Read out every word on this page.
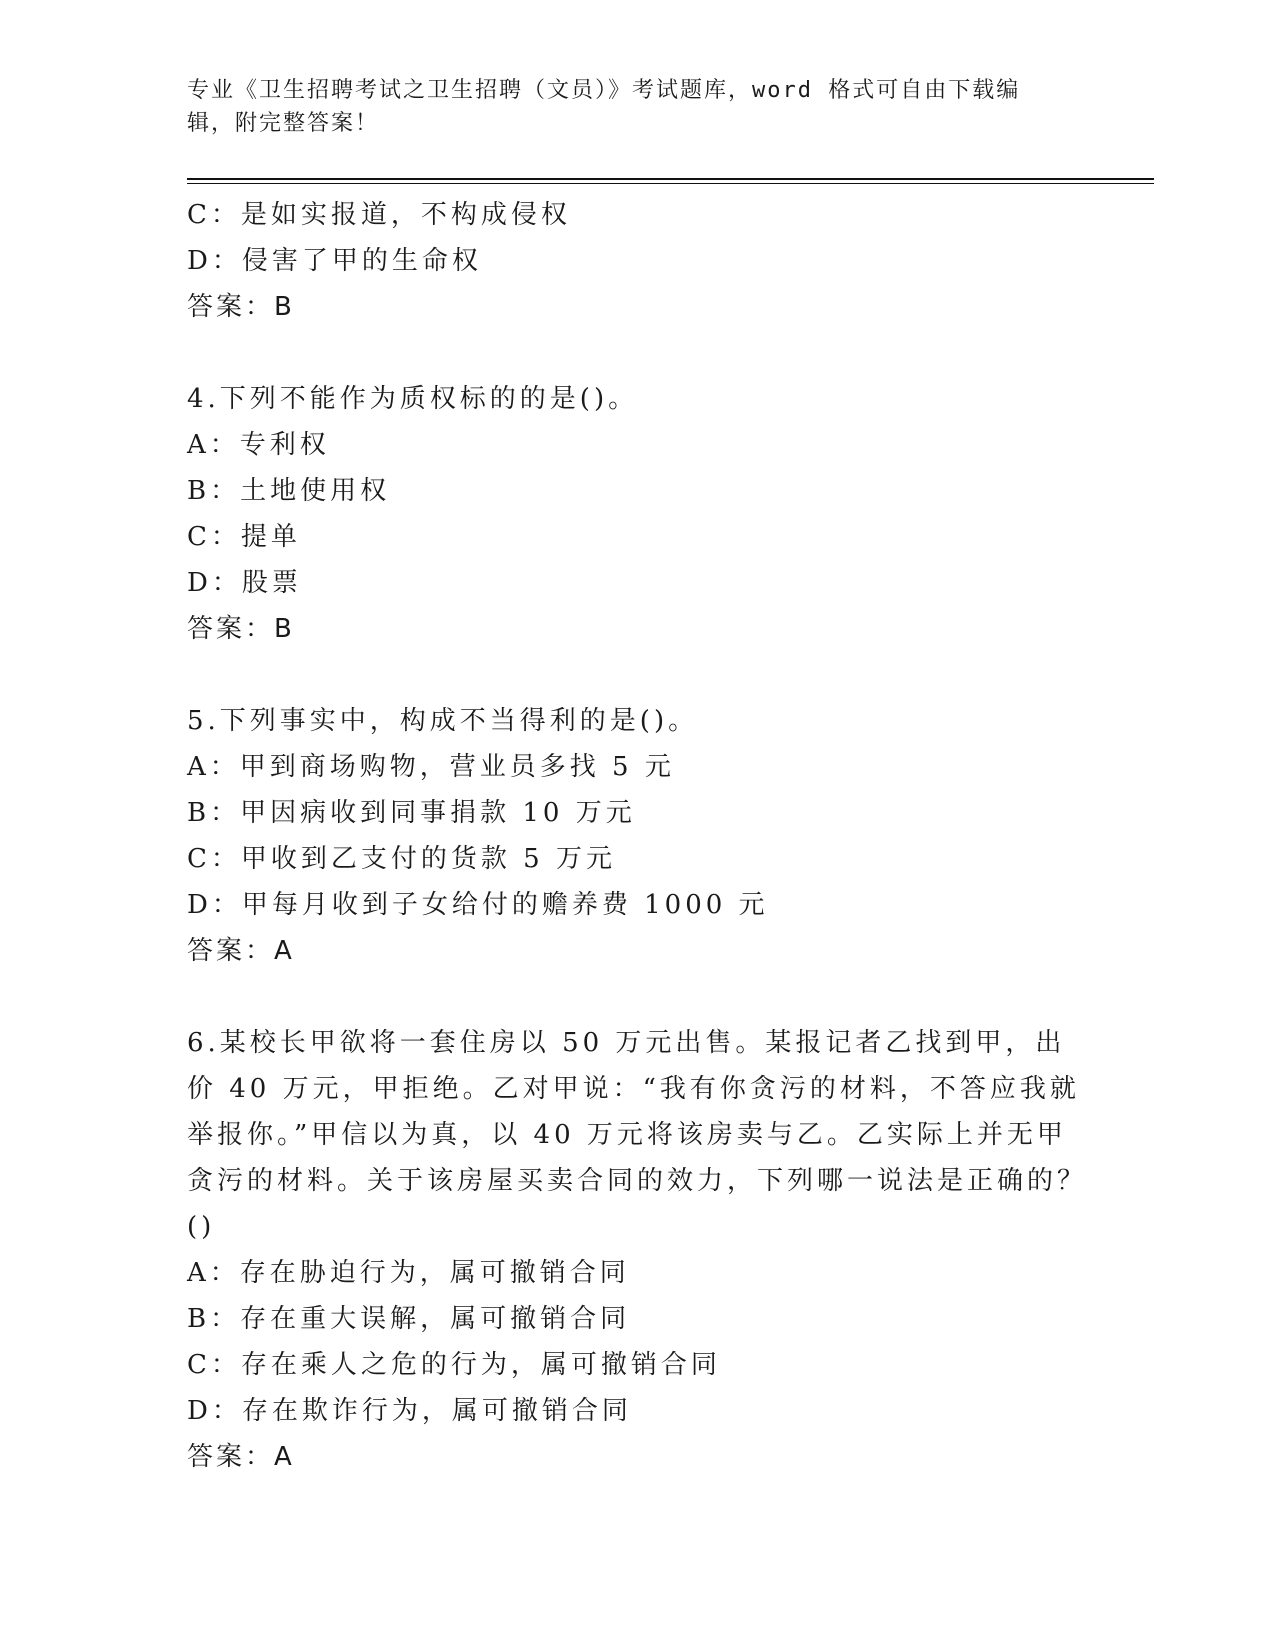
专业《卫生招聘考试之卫生招聘（文员）》考试题库，word 格式可自由下载编辑，附完整答案！
C：是如实报道，不构成侵权
D：侵害了甲的生命权
答案：B
4.下列不能作为质权标的的是()。
A：专利权
B：土地使用权
C：提单
D：股票
答案：B
5.下列事实中，构成不当得利的是()。
A：甲到商场购物，营业员多找 5 元
B：甲因病收到同事捐款 10 万元
C：甲收到乙支付的货款 5 万元
D：甲每月收到子女给付的赡养费 1000 元
答案：A
6.某校长甲欲将一套住房以 50 万元出售。某报记者乙找到甲，出价 40 万元，甲拒绝。乙对甲说：“我有你贪污的材料，不答应我就举报你。”甲信以为真，以 40 万元将该房卖与乙。乙实际上并无甲贪污的材料。关于该房屋买卖合同的效力，下列哪一说法是正确的？()
A：存在胁迫行为，属可撤销合同
B：存在重大误解，属可撤销合同
C：存在乘人之危的行为，属可撤销合同
D：存在欺诈行为，属可撤销合同
答案：A
